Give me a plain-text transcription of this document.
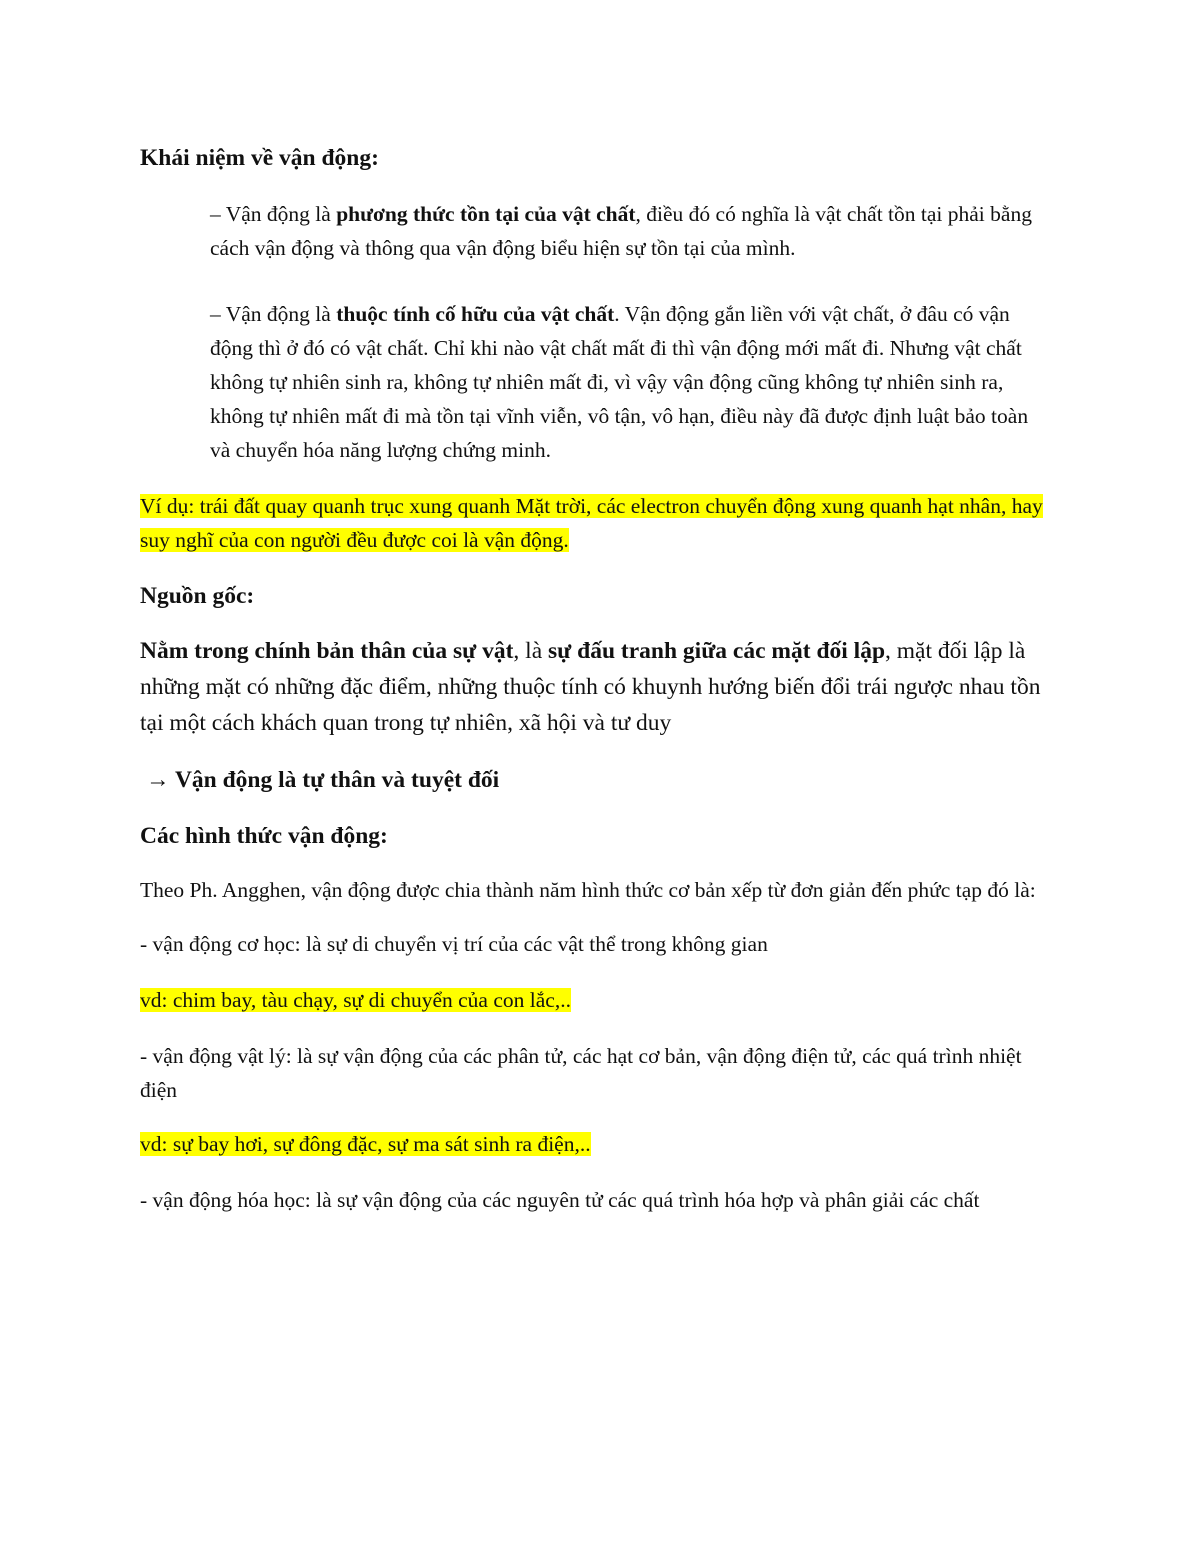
Khái niệm về vận động:

– Vận động là phương thức tồn tại của vật chất, điều đó có nghĩa là vật chất tồn tại phải bằng cách vận động và thông qua vận động biểu hiện sự tồn tại của mình.

– Vận động là thuộc tính cố hữu của vật chất. Vận động gắn liền với vật chất, ở đâu có vận động thì ở đó có vật chất. Chỉ khi nào vật chất mất đi thì vận động mới mất đi. Nhưng vật chất không tự nhiên sinh ra, không tự nhiên mất đi, vì vậy vận động cũng không tự nhiên sinh ra, không tự nhiên mất đi mà tồn tại vĩnh viễn, vô tận, vô hạn, điều này đã được định luật bảo toàn và chuyển hóa năng lượng chứng minh.

Ví dụ: trái đất quay quanh trục xung quanh Mặt trời, các electron chuyển động xung quanh hạt nhân, hay suy nghĩ của con người đều được coi là vận động.

Nguồn gốc:

Nằm trong chính bản thân của sự vật, là sự đấu tranh giữa các mặt đối lập, mặt đối lập là những mặt có những đặc điểm, những thuộc tính có khuynh hướng biến đổi trái ngược nhau tồn tại một cách khách quan trong tự nhiên, xã hội và tư duy

→ Vận động là tự thân và tuyệt đối

Các hình thức vận động:

Theo Ph. Angghen, vận động được chia thành năm hình thức cơ bản xếp từ đơn giản đến phức tạp đó là:

- vận động cơ học: là sự di chuyển vị trí của các vật thể trong không gian

vd: chim bay, tàu chạy, sự di chuyển của con lắc,..

- vận động vật lý: là sự vận động của các phân tử, các hạt cơ bản, vận động điện tử, các quá trình nhiệt điện

vd: sự bay hơi, sự đông đặc, sự ma sát sinh ra điện,..

- vận động hóa học: là sự vận động của các nguyên tử các quá trình hóa hợp và phân giải các chất
